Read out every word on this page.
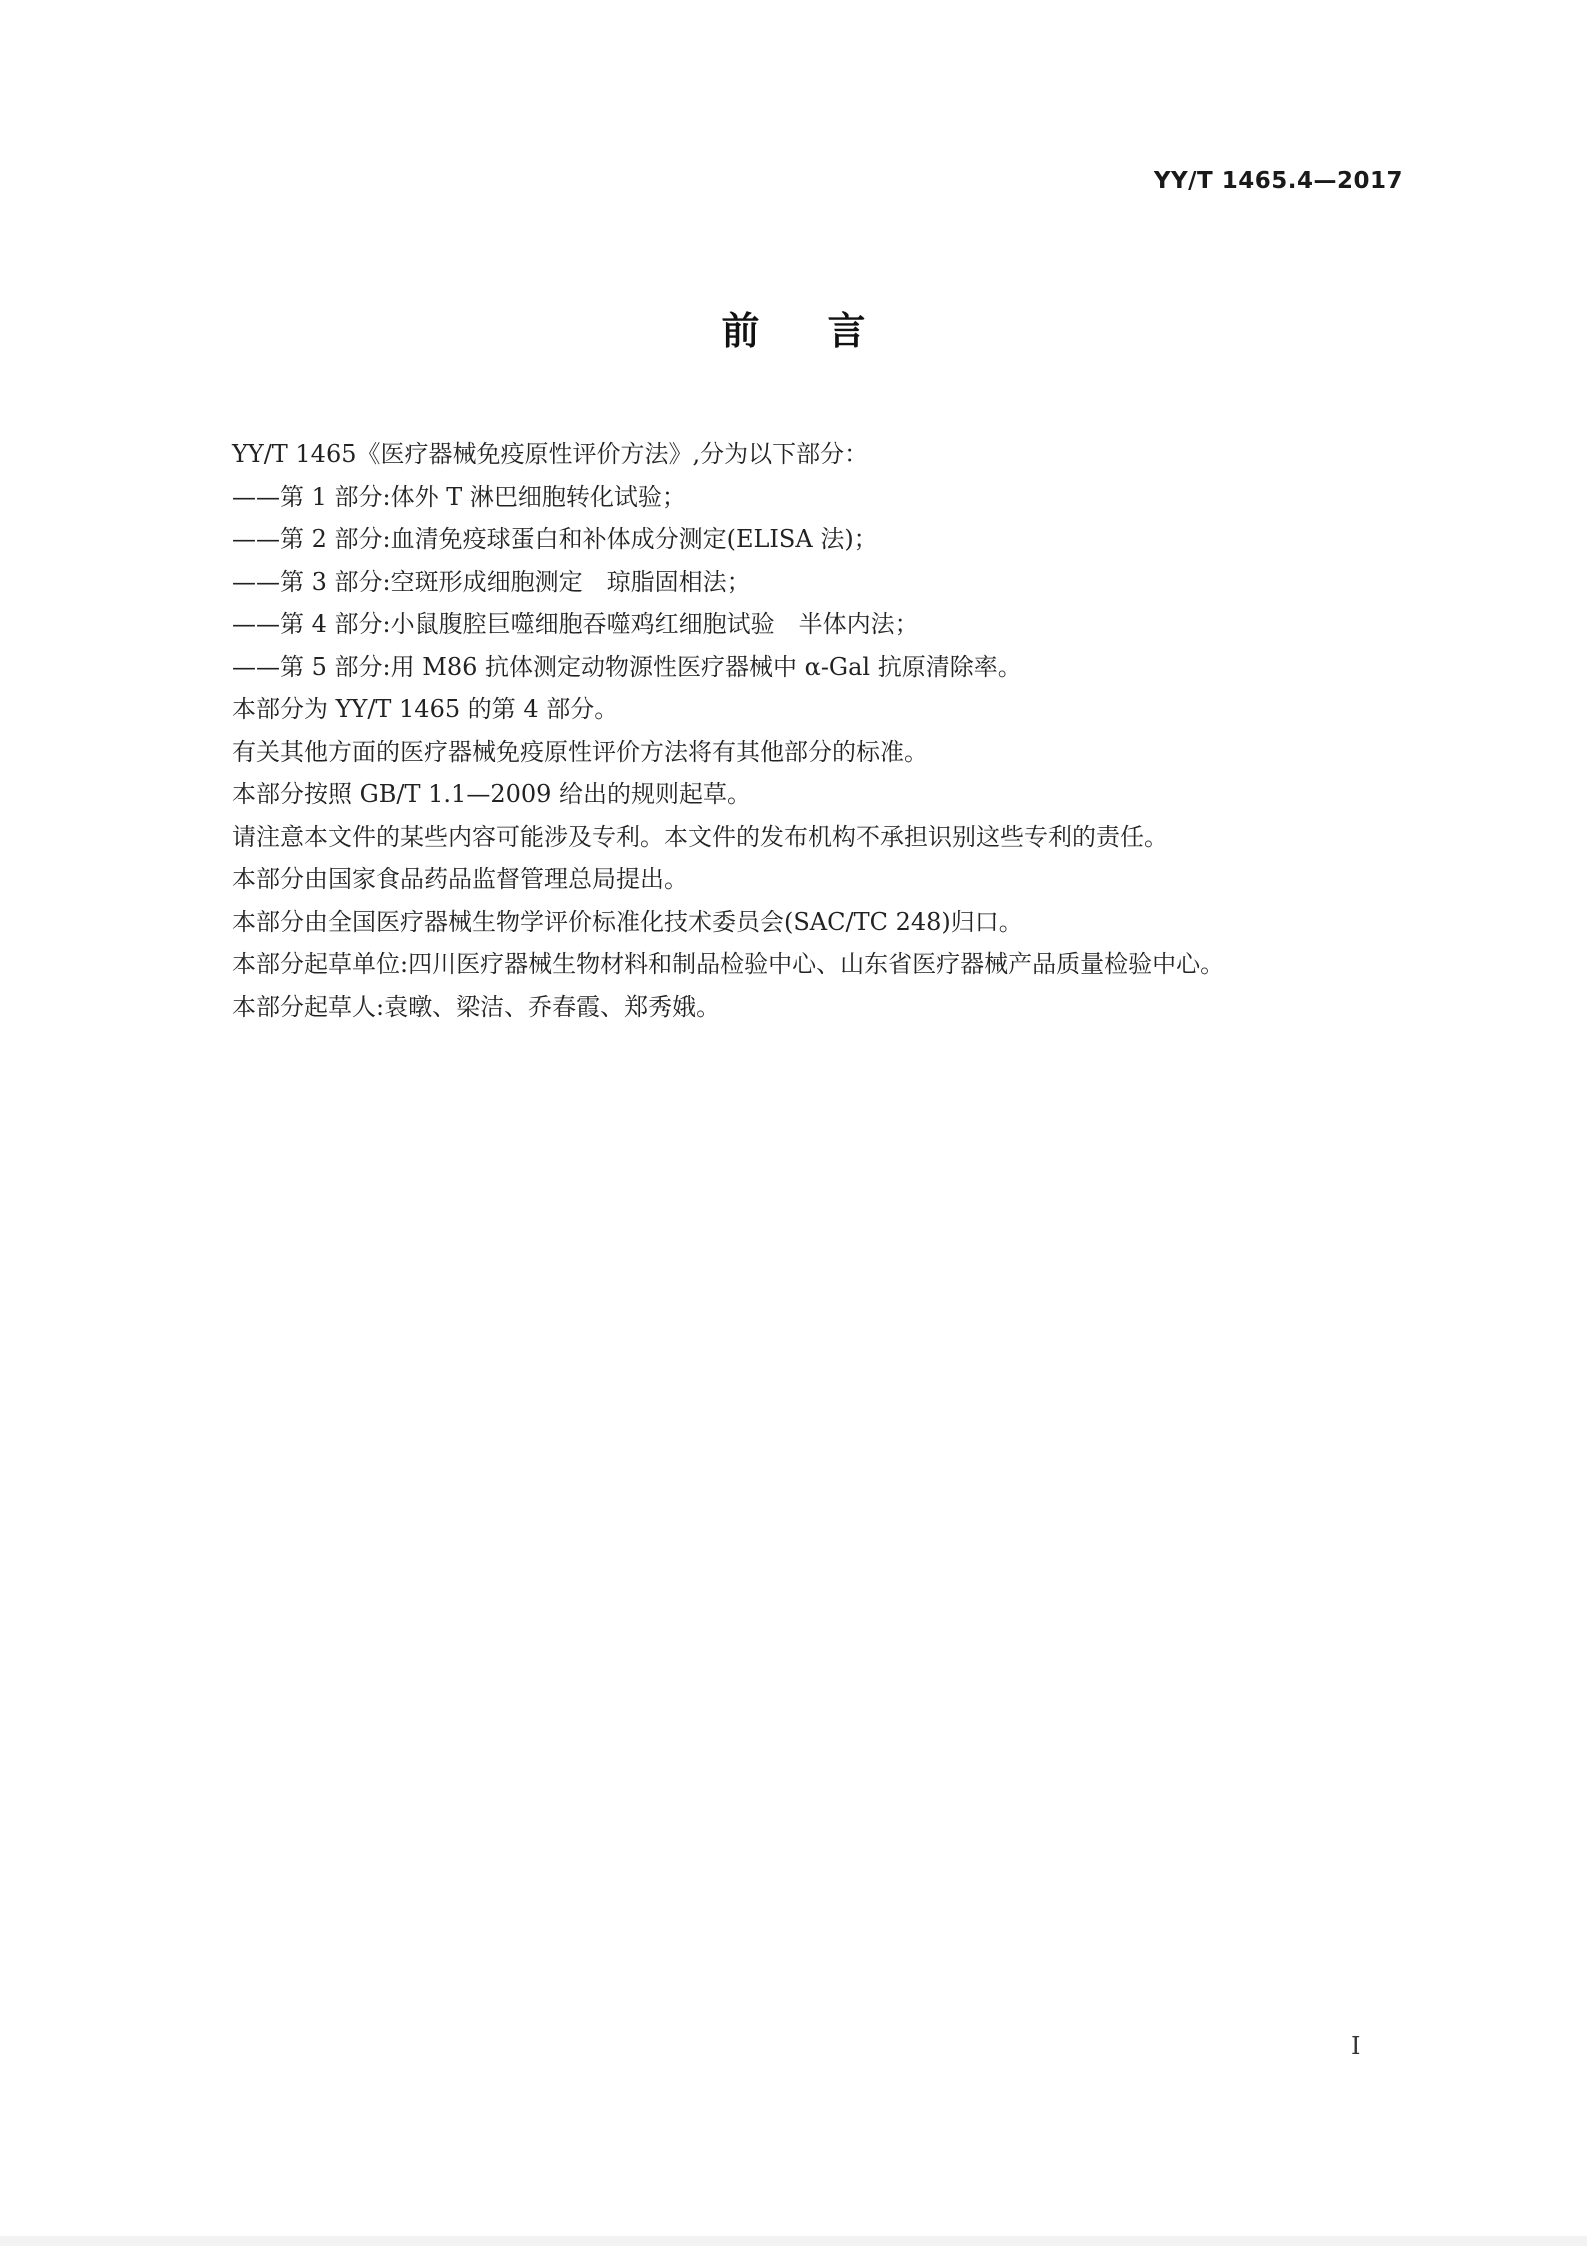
YY/T 1465.4—2017
前言
YY/T 1465《医疗器械免疫原性评价方法》,分为以下部分：
——第 1 部分:体外 T 淋巴细胞转化试验；
——第 2 部分:血清免疫球蛋白和补体成分测定(ELISA 法)；
——第 3 部分:空斑形成细胞测定　琼脂固相法；
——第 4 部分:小鼠腹腔巨噬细胞吞噬鸡红细胞试验　半体内法；
——第 5 部分:用 M86 抗体测定动物源性医疗器械中 α-Gal 抗原清除率。
本部分为 YY/T 1465 的第 4 部分。
有关其他方面的医疗器械免疫原性评价方法将有其他部分的标准。
本部分按照 GB/T 1.1—2009 给出的规则起草。
请注意本文件的某些内容可能涉及专利。本文件的发布机构不承担识别这些专利的责任。
本部分由国家食品药品监督管理总局提出。
本部分由全国医疗器械生物学评价标准化技术委员会(SAC/TC 248)归口。
本部分起草单位:四川医疗器械生物材料和制品检验中心、山东省医疗器械产品质量检验中心。
本部分起草人:袁暾、梁洁、乔春霞、郑秀娥。
I
